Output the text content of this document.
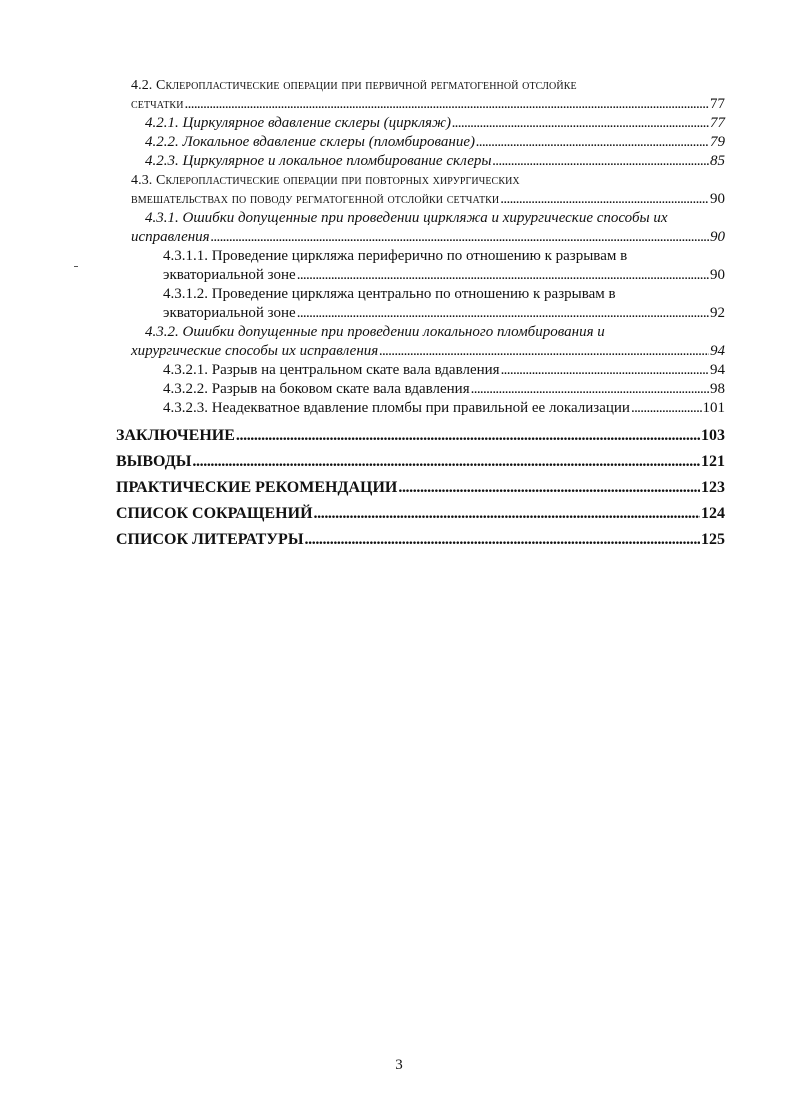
4.2. Склеропластические операции при первичной регматогенной отслойке
сетчатки . . .	77
4.2.1. Циркулярное вдавление склеры (циркляж) . . .	77
4.2.2. Локальное вдавление склеры (пломбирование) . . .	79
4.2.3. Циркулярное и локальное пломбирование склеры . . .	85
4.3. Склеропластические операции при повторных хирургических
вмешательствах по поводу регматогенной отслойки сетчатки . . .	90
4.3.1. Ошибки допущенные при проведении циркляжа и хирургические способы их
исправления . . .	90
4.3.1.1. Проведение циркляжа периферично по отношению к разрывам в
экваториальной зоне . . .	90
4.3.1.2. Проведение циркляжа центрально по отношению к разрывам в
экваториальной зоне . . .	92
4.3.2. Ошибки допущенные при проведении локального пломбирования и
хирургические способы их исправления . . .	94
4.3.2.1. Разрыв на центральном скате вала вдавления . . .	94
4.3.2.2. Разрыв на боковом скате вала вдавления . . .	98
4.3.2.3. Неадекватное вдавление пломбы при правильной ее локализации . . .	101
ЗАКЛЮЧЕНИЕ . . .	103
ВЫВОДЫ . . .	121
ПРАКТИЧЕСКИЕ РЕКОМЕНДАЦИИ . . .	123
СПИСОК СОКРАЩЕНИЙ . . .	124
СПИСОК ЛИТЕРАТУРЫ . . .	125
3
